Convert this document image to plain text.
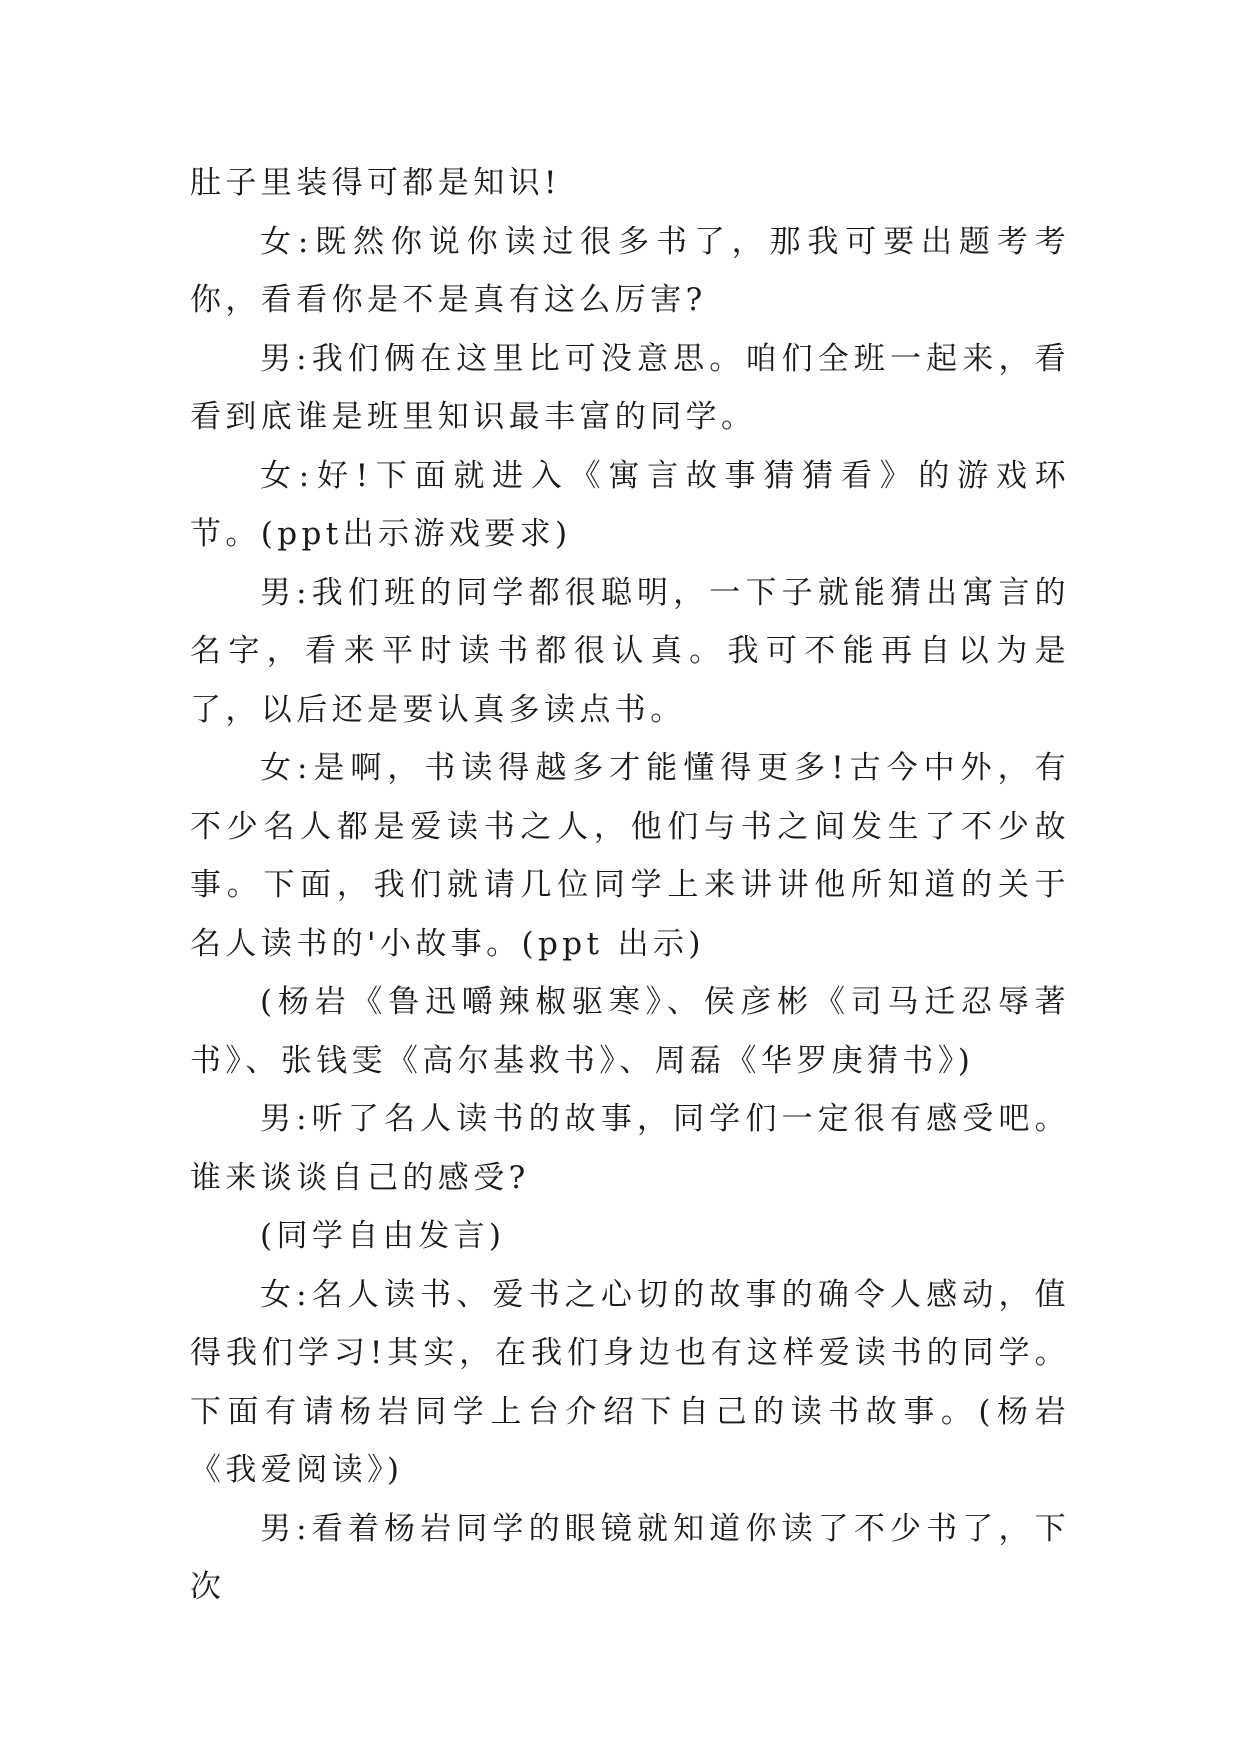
肚子里装得可都是知识!

女:既然你说你读过很多书了，那我可要出题考考你，看看你是不是真有这么厉害?

男:我们俩在这里比可没意思。咱们全班一起来，看看到底谁是班里知识最丰富的同学。

女:好!下面就进入《寓言故事猜猜看》的游戏环节。(ppt出示游戏要求)

男:我们班的同学都很聪明，一下子就能猜出寓言的名字，看来平时读书都很认真。我可不能再自以为是了，以后还是要认真多读点书。

女:是啊，书读得越多才能懂得更多!古今中外，有不少名人都是爱读书之人，他们与书之间发生了不少故事。下面，我们就请几位同学上来讲讲他所知道的关于名人读书的'小故事。(ppt 出示)

(杨岩《鲁迅嚼辣椒驱寒》、侯彦彬《司马迁忍辱著书》、张钱雯《高尔基救书》、周磊《华罗庚猜书》)

男:听了名人读书的故事，同学们一定很有感受吧。谁来谈谈自己的感受?

(同学自由发言)

女:名人读书、爱书之心切的故事的确令人感动，值得我们学习!其实，在我们身边也有这样爱读书的同学。下面有请杨岩同学上台介绍下自己的读书故事。(杨岩《我爱阅读》)

男:看着杨岩同学的眼镜就知道你读了不少书了，下次
